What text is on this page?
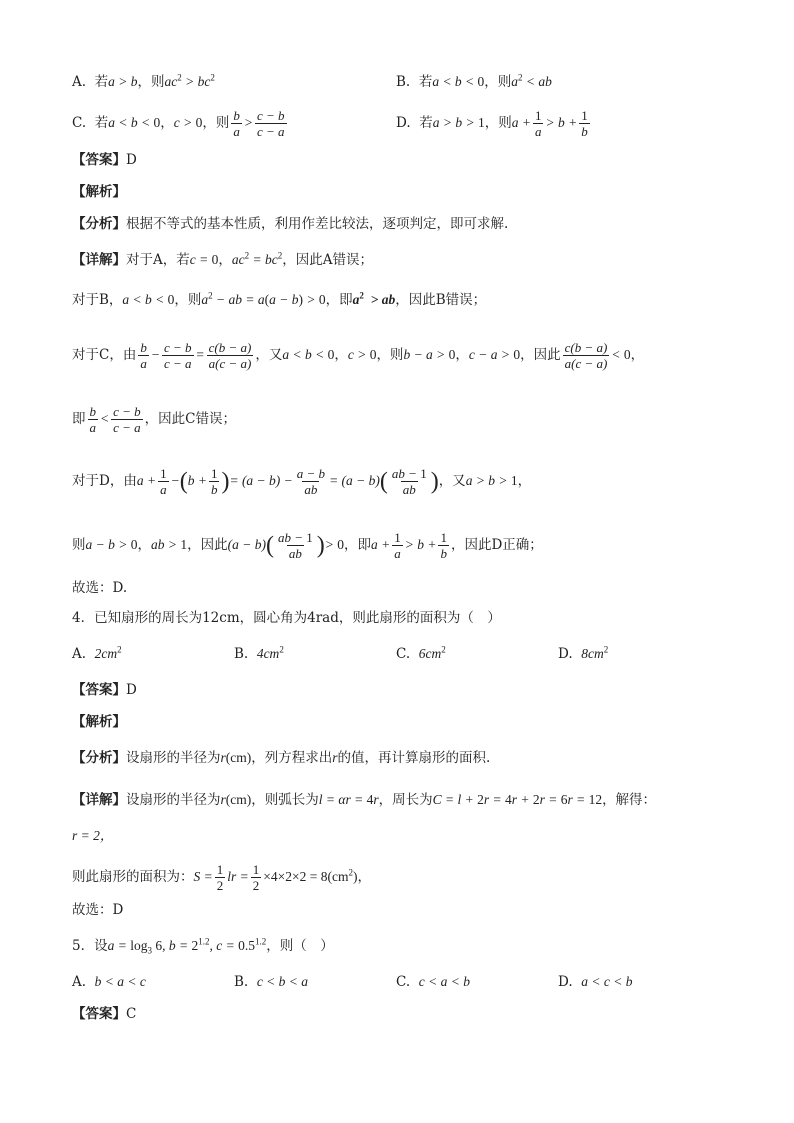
A. 若a > b，则$ac^2 > bc^2$	B. 若a < b < 0，则$a^2$ < ab
C. 若a < b < 0，c > 0，则 $\frac{b}{a} > \frac{c - b}{c - a}$	D. 若a > b > 1，则$a + \frac{1}{a} > b + \frac{1}{b}$
【答案】D
【解析】
【分析】根据不等式的基本性质，利用作差比较法，逐项判定，即可求解.
【详解】对于A，若c = 0，$ac^2 = bc^2$，因此A错误；
对于B，a < b < 0，则$a^2$ − ab = a(a − b) > 0，即$a^2$  > ab，因此B错误；
对于C，由 $\frac{b}{a} - \frac{c - b}{c - a} = \frac{c(b - a)}{a(c - a)}$ ，又a < b < 0，c > 0，则b − a > 0，c − a > 0，因此 $\frac{c(b - a)}{a(c - a)} < 0$，
即 $\frac{b}{a} < \frac{c - b}{c - a}$ ，因此C错误；
对于D，由$a + \frac{1}{a} -(b + \frac{1}{b}$ )= $(a - b) - \frac{a - b}{ab} = (a - b)( \frac{ab - 1}{ab}$ )，又a > b > 1，
则a − b > 0，ab > 1，因此$(a - b)( \frac{ab - 1}{ab}$ )> 0，即$a + \frac{1}{a} > b + \frac{1}{b}$ ，因此D正确；
故选：D.
4．已知扇形的周长为12cm，圆心角为4rad，则此扇形的面积为（　）
A. $2cm^2$	B. $4cm^2$	C. $6cm^2$	D. $8cm^2$
【答案】D
【解析】
【分析】设扇形的半径为r(cm)，列方程求出r的值，再计算扇形的面积.
【详解】设扇形的半径为r(cm)，则弧长为l = αr = 4r，周长为C = l + 2r = 4r + 2r = 6r = 12，解得：
r = 2，
则此扇形的面积为：$S = \frac{1}{2}$ lr = $\frac{1}{2} \times 4\times 2\times 2 = 8(cm^2)$，
故选：D
5．设$a = \log_3 6$, $b = 2^{1.2}$, $c = 0.5^{1.2}$，则（　）
A. b < a < c	B. c < b < a	C. c < a < b	D. a < c < b
【答案】C
